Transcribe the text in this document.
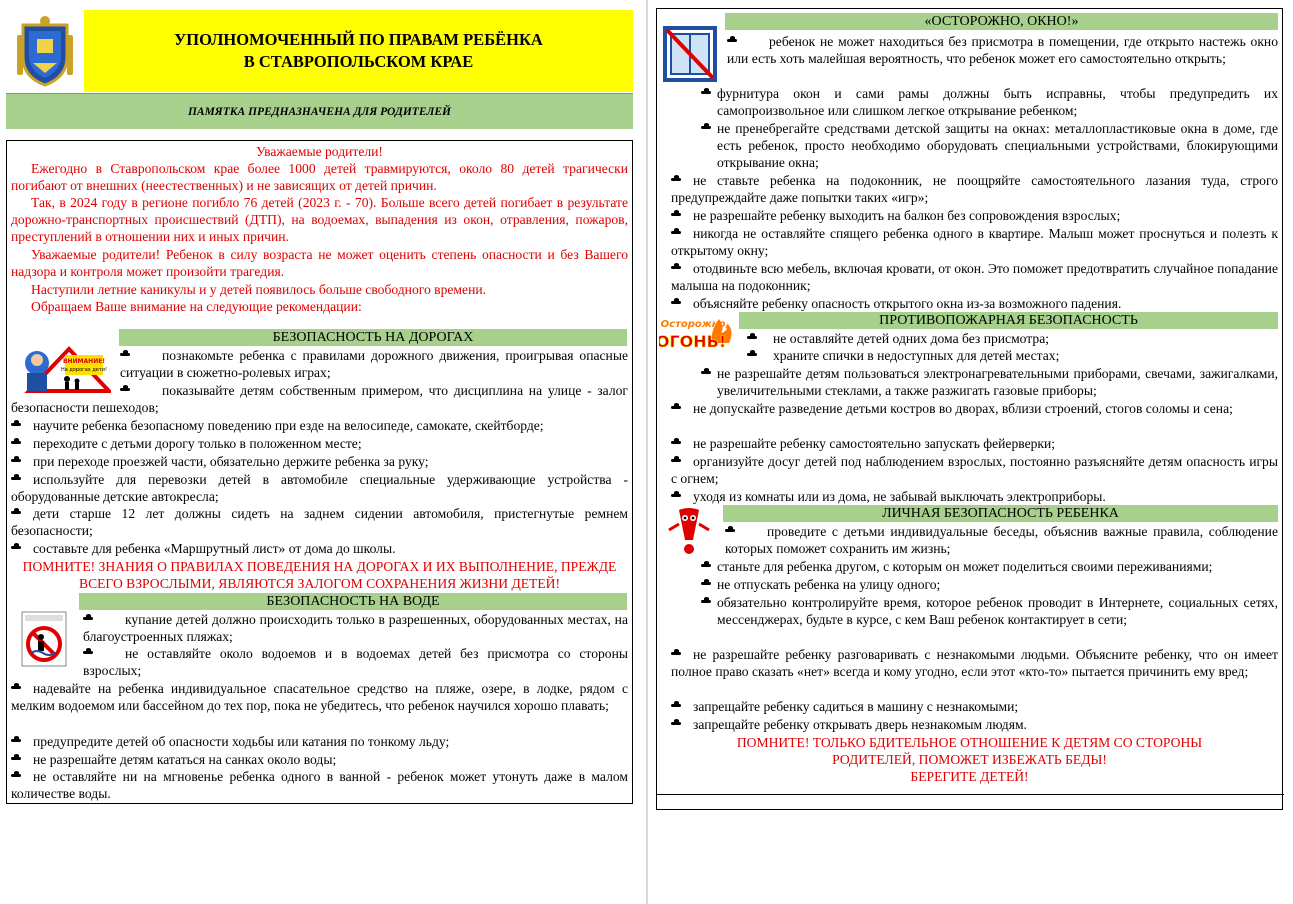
УПОЛНОМОЧЕННЫЙ ПО ПРАВАМ РЕБЁНКА
В СТАВРОПОЛЬСКОМ КРАЕ
ПАМЯТКА ПРЕДНАЗНАЧЕНА ДЛЯ РОДИТЕЛЕЙ
Уважаемые родители!
Ежегодно в Ставропольском крае более 1000 детей травмируются, около 80 детей трагически погибают от внешних (неестественных) и не зависящих от детей причин.
Так, в 2024 году в регионе погибло 76 детей (2023 г. - 70). Больше всего детей погибает в результате дорожно-транспортных происшествий (ДТП), на водоемах, выпадения из окон, отравления, пожаров, преступлений в отношении них и иных причин.
Уважаемые родители! Ребенок в силу возраста не может оценить степень опасности и без Вашего надзора и контроля может произойти трагедия.
Наступили летние каникулы и у детей появилось больше свободного времени.
Обращаем Ваше внимание на следующие рекомендации:
БЕЗОПАСНОСТЬ НА ДОРОГАХ
ВНИМАНИЕ!
На дорогах дети!
познакомьте ребенка с правилами дорожного движения, проигрывая опасные ситуации в сюжетно-ролевых играх;
показывайте детям собственным примером, что дисциплина на улице - залог безопасности пешеходов;
научите ребенка безопасному поведению при езде на велосипеде, самокате, скейтборде;
переходите с детьми дорогу только в положенном месте;
при переходе проезжей части, обязательно держите ребенка за руку;
используйте для перевозки детей в автомобиле специальные удерживающие устройства - оборудованные детские автокресла;
дети старше 12 лет должны сидеть на заднем сидении автомобиля, пристегнутые ремнем безопасности;
составьте для ребенка «Маршрутный лист» от дома до школы.
ПОМНИТЕ! ЗНАНИЯ О ПРАВИЛАХ ПОВЕДЕНИЯ НА ДОРОГАХ И ИХ ВЫПОЛНЕНИЕ, ПРЕЖДЕ ВСЕГО ВЗРОСЛЫМИ, ЯВЛЯЮТСЯ ЗАЛОГОМ СОХРАНЕНИЯ ЖИЗНИ ДЕТЕЙ!
БЕЗОПАСНОСТЬ НА ВОДЕ
купание детей должно происходить только в разрешенных, оборудованных местах, на благоустроенных пляжах;
не оставляйте около водоемов и в водоемах детей без присмотра со стороны взрослых;
надевайте на ребенка индивидуальное спасательное средство на пляже, озере, в лодке, рядом с мелким водоемом или бассейном до тех пор, пока не убедитесь, что ребенок научился хорошо плавать;
предупредите детей об опасности ходьбы или катания по тонкому льду;
не разрешайте детям кататься на санках около воды;
не оставляйте ни на мгновенье ребенка одного в ванной - ребенок может утонуть даже в малом количестве воды.
«ОСТОРОЖНО, ОКНО!»
ребенок не может находиться без присмотра в помещении, где открыто настежь окно или есть хоть малейшая вероятность, что ребенок может его самостоятельно открыть;
фурнитура окон и сами рамы должны быть исправны, чтобы предупредить их самопроизвольное или слишком легкое открывание ребенком;
не пренебрегайте средствами детской защиты на окнах: металлопластиковые окна в доме, где есть ребенок, просто необходимо оборудовать специальными устройствами, блокирующими открывание окна;
не ставьте ребенка на подоконник, не поощряйте самостоятельного лазания туда, строго предупреждайте даже попытки таких «игр»;
не разрешайте ребенку выходить на балкон без сопровождения взрослых;
никогда не оставляйте спящего ребенка одного в квартире. Малыш может проснуться и полезть к открытому окну;
отодвиньте всю мебель, включая кровати, от окон. Это поможет предотвратить случайное попадание малыша на подоконник;
объясняйте ребенку опасность открытого окна из-за возможного падения.
ПРОТИВОПОЖАРНАЯ БЕЗОПАСНОСТЬ
Осторожно,
ОГОНЬ!	не оставляйте детей одних дома без присмотра;
храните спички в недоступных для детей местах;
не разрешайте детям пользоваться электронагревательными приборами, свечами, зажигалками, увеличительными стеклами, а также разжигать газовые приборы;
не допускайте разведение детьми костров во дворах, вблизи строений, стогов соломы и сена;
не разрешайте ребенку самостоятельно запускать фейерверки;
организуйте досуг детей под наблюдением взрослых, постоянно разъясняйте детям опасность игры с огнем;
уходя из комнаты или из дома, не забывай выключать электроприборы.
ЛИЧНАЯ БЕЗОПАСНОСТЬ РЕБЕНКА
проведите с детьми индивидуальные беседы, объяснив важные правила, соблюдение которых поможет сохранить им жизнь;
станьте для ребенка другом, с которым он может поделиться своими переживаниями;
не отпускать ребенка на улицу одного;
обязательно контролируйте время, которое ребенок проводит в Интернете, социальных сетях, мессенджерах, будьте в курсе, с кем Ваш ребенок контактирует в сети;
не разрешайте ребенку разговаривать с незнакомыми людьми. Объясните ребенку, что он имеет полное право сказать «нет» всегда и кому угодно, если этот «кто-то» пытается причинить ему вред;
запрещайте ребенку садиться в машину с незнакомыми;
запрещайте ребенку открывать дверь незнакомым людям.
ПОМНИТЕ! ТОЛЬКО БДИТЕЛЬНОЕ ОТНОШЕНИЕ К ДЕТЯМ СО СТОРОНЫ
РОДИТЕЛЕЙ, ПОМОЖЕТ ИЗБЕЖАТЬ БЕДЫ!
БЕРЕГИТЕ ДЕТЕЙ!
